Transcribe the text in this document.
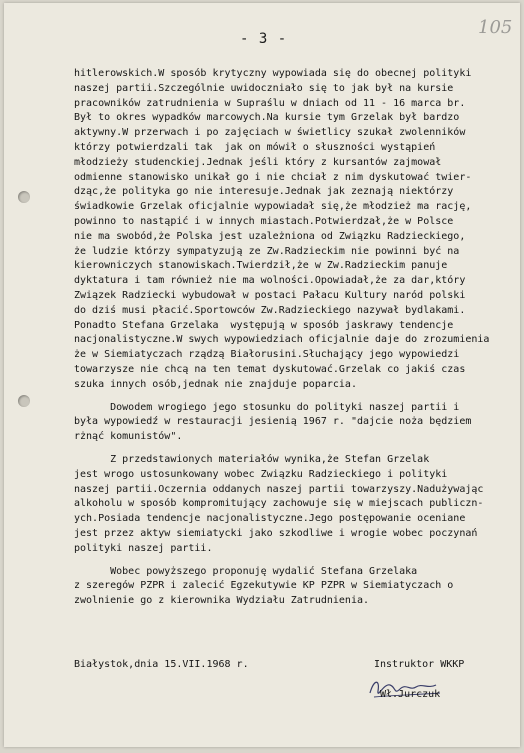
- 3 -
105
hitlerowskich.W sposób krytyczny wypowiada się do obecnej polityki
naszej partii.Szczególnie uwidoczniało się to jak był na kursie
pracowników zatrudnienia w Supraślu w dniach od 11 - 16 marca br.
Był to okres wypadków marcowych.Na kursie tym Grzelak był bardzo
aktywny.W przerwach i po zajęciach w świetlicy szukał zwolenników
którzy potwierdzali tak  jak on mówił o słuszności wystąpień
młodzieży studenckiej.Jednak jeśli który z kursantów zajmował
odmienne stanowisko unikał go i nie chciał z nim dyskutować twier-
dząc,że polityka go nie interesuje.Jednak jak zeznają niektórzy
świadkowie Grzelak oficjalnie wypowiadał się,że młodzież ma rację,
powinno to nastąpić i w innych miastach.Potwierdzał,że w Polsce
nie ma swobód,że Polska jest uzależniona od Związku Radzieckiego,
że ludzie którzy sympatyzują ze Zw.Radzieckim nie powinni być na
kierowniczych stanowiskach.Twierdził,że w Zw.Radzieckim panuje
dyktatura i tam również nie ma wolności.Opowiadał,że za dar,który
Związek Radziecki wybudował w postaci Pałacu Kultury naród polski
do dziś musi płacić.Sportowców Zw.Radzieckiego nazywał bydlakami.
Ponadto Stefana Grzelaka  występują w sposób jaskrawy tendencje
nacjonalistyczne.W swych wypowiedziach oficjalnie daje do zrozumienia
że w Siemiatyczach rządzą Białorusini.Słuchający jego wypowiedzi
towarzysze nie chcą na ten temat dyskutować.Grzelak co jakiś czas
szuka innych osób,jednak nie znajduje poparcia.
Dowodem wrogiego jego stosunku do polityki naszej partii i
była wypowiedź w restauracji jesienią 1967 r. "dajcie noża będziem
rżnąć komunistów".
Z przedstawionych materiałów wynika,że Stefan Grzelak
jest wrogo ustosunkowany wobec Związku Radzieckiego i polityki
naszej partii.Oczernia oddanych naszej partii towarzyszy.Nadużywając
alkoholu w sposób kompromitujący zachowuje się w miejscach publiczn-
ych.Posiada tendencje nacjonalistyczne.Jego postępowanie oceniane
jest przez aktyw siemiatycki jako szkodliwe i wrogie wobec poczynań
polityki naszej partii.
Wobec powyższego proponuję wydalić Stefana Grzelaka
z szeregów PZPR i zalecić Egzekutywie KP PZPR w Siemiatyczach o
zwolnienie go z kierownika Wydziału Zatrudnienia.
Białystok,dnia 15.VII.1968 r.	Instruktor WKKP
Wł.Jurczuk
